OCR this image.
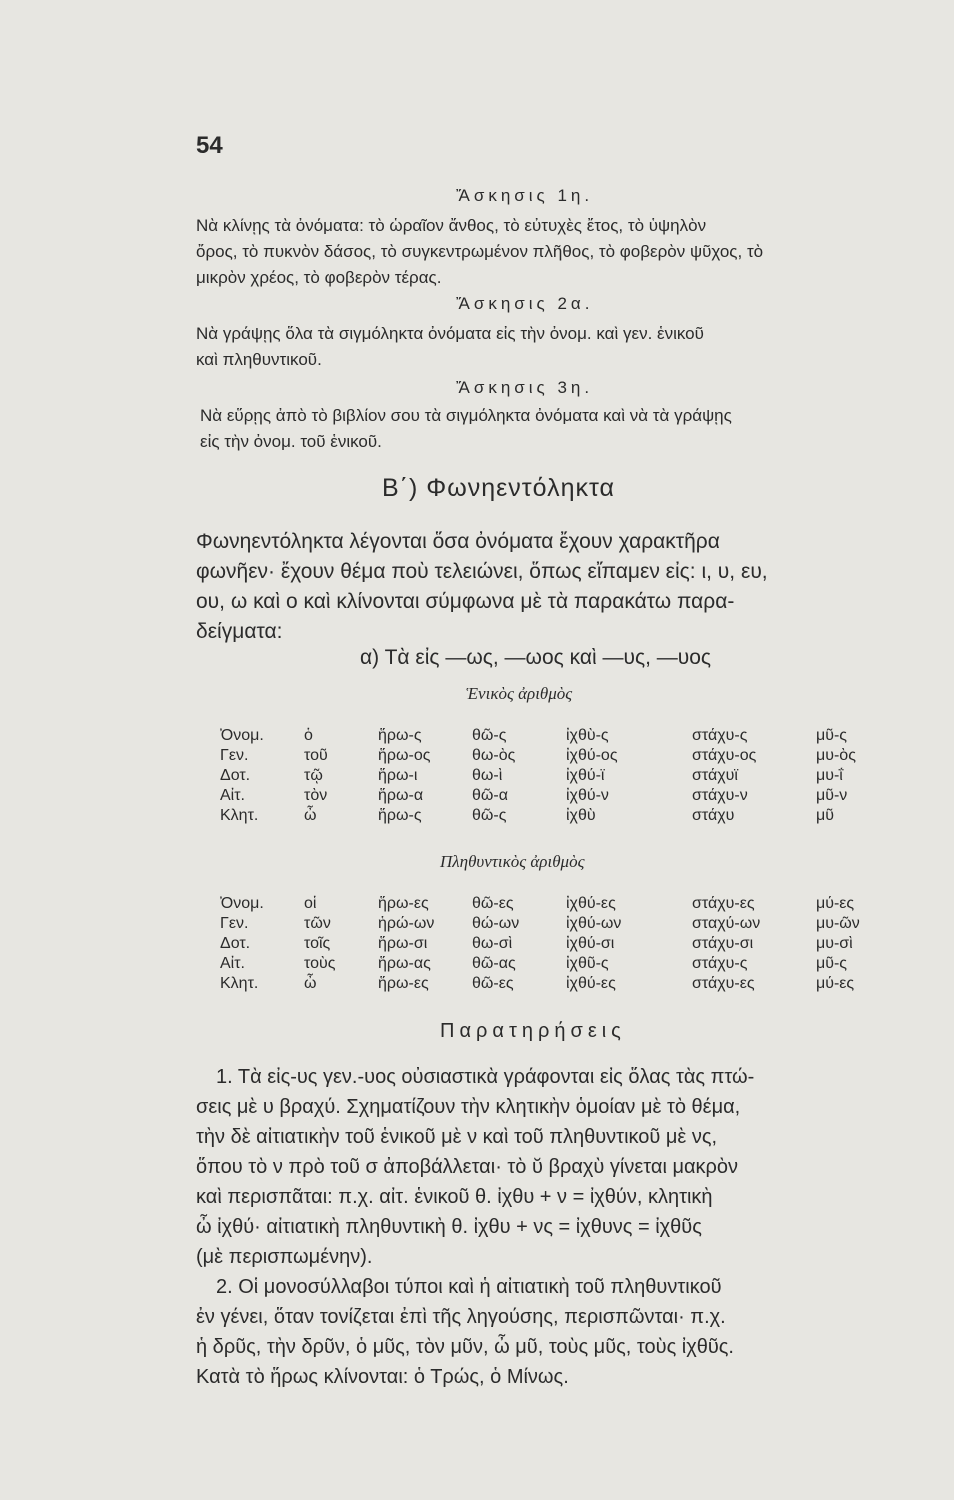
54
Ἄσκησις 1η.
Νὰ κλίνῃς τὰ ὀνόματα: τὸ ὡραῖον ἄνθος, τὸ εὐτυχὲς ἔτος, τὸ ὑψηλὸν
ὄρος, τὸ πυκνὸν δάσος, τὸ συγκεντρωμένον πλῆθος, τὸ φοβερὸν ψῦχος, τὸ
μικρὸν χρέος, τὸ φοβερὸν τέρας.
Ἄσκησις 2α.
Νὰ γράψῃς ὅλα τὰ σιγμόληκτα ὀνόματα εἰς τὴν ὀνομ. καὶ γεν. ἑνικοῦ
καὶ πληθυντικοῦ.
Ἄσκησις 3η.
Νὰ εὕρῃς ἀπὸ τὸ βιβλίον σου τὰ σιγμόληκτα ὀνόματα καὶ νὰ τὰ γράψῃς
εἰς τὴν ὀνομ. τοῦ ἑνικοῦ.
Β΄) Φωνηεντόληκτα
Φωνηεντόληκτα λέγονται ὅσα ὀνόματα ἔχουν χαρακτῆρα
φωνῆεν· ἔχουν θέμα ποὺ τελειώνει, ὅπως εἴπαμεν εἰς: ι, υ, ευ,
ου, ω καὶ ο καὶ κλίνονται σύμφωνα μὲ τὰ παρακάτω παρα-
δείγματα:
α) Τὰ εἰς —ως, —ωος καὶ —υς, —υος
Ἑνικὸς ἀριθμὸς
Ὀνομ.	ὁ	ἥρω-ς	θῶ-ς	ἰχθὺ-ς	στάχυ-ς	μῦ-ς
Γεν.	τοῦ	ἥρω-ος	θω-ὸς	ἰχθύ-ος	στάχυ-ος	μυ-ὸς
Δοτ.	τῷ	ἥρω-ι	θω-ὶ	ἰχθύ-ϊ	στάχυϊ	μυ-ΐ
Αἰτ.	τὸν	ἥρω-α	θῶ-α	ἰχθύ-ν	στάχυ-ν	μῦ-ν
Κλητ.	ὦ	ἥρω-ς	θῶ-ς	ἰχθὺ	στάχυ	μῦ
Πληθυντικὸς ἀριθμὸς
Ὀνομ.	οἱ	ἥρω-ες	θῶ-ες	ἰχθύ-ες	στάχυ-ες	μύ-ες
Γεν.	τῶν	ἡρώ-ων	θώ-ων	ἰχθύ-ων	σταχύ-ων	μυ-ῶν
Δοτ.	τοῖς	ἥρω-σι	θω-σὶ	ἰχθύ-σι	στάχυ-σι	μυ-σὶ
Αἰτ.	τοὺς	ἥρω-ας	θῶ-ας	ἰχθῦ-ς	στάχυ-ς	μῦ-ς
Κλητ.	ὦ	ἥρω-ες	θῶ-ες	ἰχθύ-ες	στάχυ-ες	μύ-ες
Παρατηρήσεις
1. Τὰ εἰς-υς γεν.-υος οὐσιαστικὰ γράφονται εἰς ὅλας τὰς πτώ-
σεις μὲ υ βραχύ. Σχηματίζουν τὴν κλητικὴν ὁμοίαν μὲ τὸ θέμα,
τὴν δὲ αἰτιατικὴν τοῦ ἑνικοῦ μὲ ν καὶ τοῦ πληθυντικοῦ μὲ νς,
ὅπου τὸ ν πρὸ τοῦ σ ἀποβάλλεται· τὸ ῠ βραχὺ γίνεται μακρὸν
καὶ περισπᾶται: π.χ. αἰτ. ἑνικοῦ θ. ἰχθυ + ν = ἰχθύν, κλητικὴ
ὦ ἰχθύ· αἰτιατικὴ πληθυντικὴ θ. ἰχθυ + νς = ἰχθυνς = ἰχθῦς
(μὲ περισπωμένην).
2. Οἱ μονοσύλλαβοι τύποι καὶ ἡ αἰτιατικὴ τοῦ πληθυντικοῦ
ἐν γένει, ὅταν τονίζεται ἐπὶ τῆς ληγούσης, περισπῶνται· π.χ.
ἡ δρῦς, τὴν δρῦν, ὁ μῦς, τὸν μῦν, ὦ μῦ, τοὺς μῦς, τοὺς ἰχθῦς.
Κατὰ τὸ ἥρως κλίνονται: ὁ Τρώς, ὁ Μίνως.
